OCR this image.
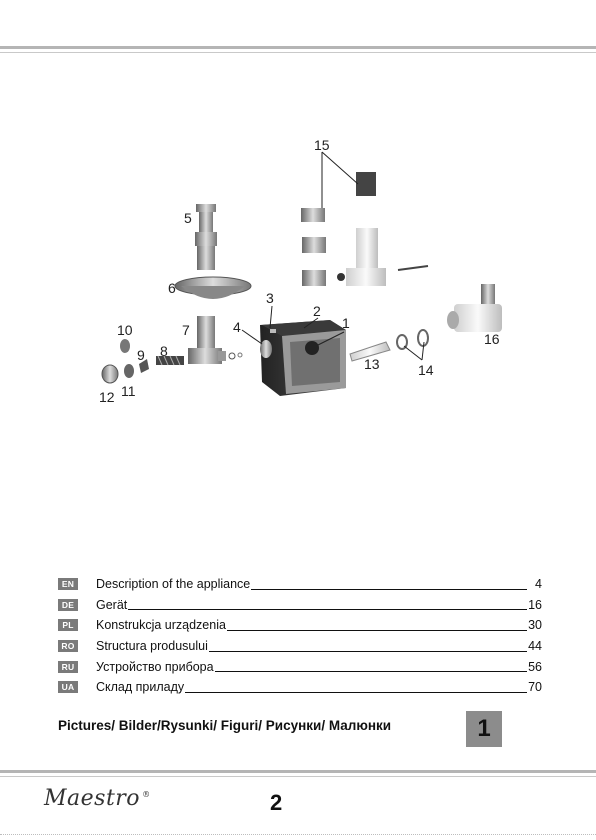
1
2
3
4
5
6
7
8
9
10
11
12
13	14
15
16
EN	Description of the appliance	4
DE	Gerät	16
PL	Konstrukcja urządzenia	30
RO Structura produsului	44
RU Устройство прибора	56
UA Склад приладу	70
Pictures/ Bilder/Rysunki/ Figuri/ Рисунки/ Малюнки	1
Maestro ®	2
